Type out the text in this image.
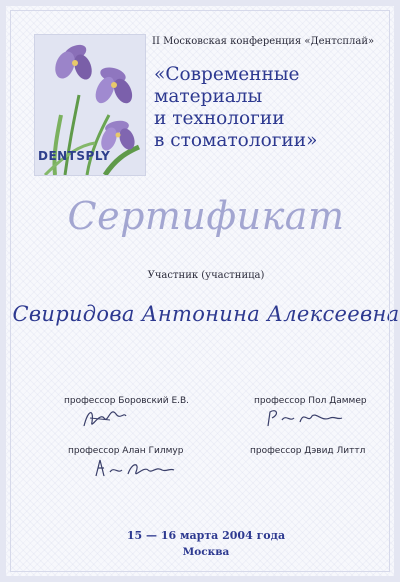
DENTSPLY
II Московская конференция «Дентсплай»
«Современные
материалы
и технологии
в стоматологии»
Сертификат
Участник (участница)
Свиридова Антонина Алексеевна
профессор Боровский Е.В.	профессор Пол Даммер
профессор Алан Гилмур	профессор Дэвид Литтл
15 — 16 марта 2004 года
Москва
